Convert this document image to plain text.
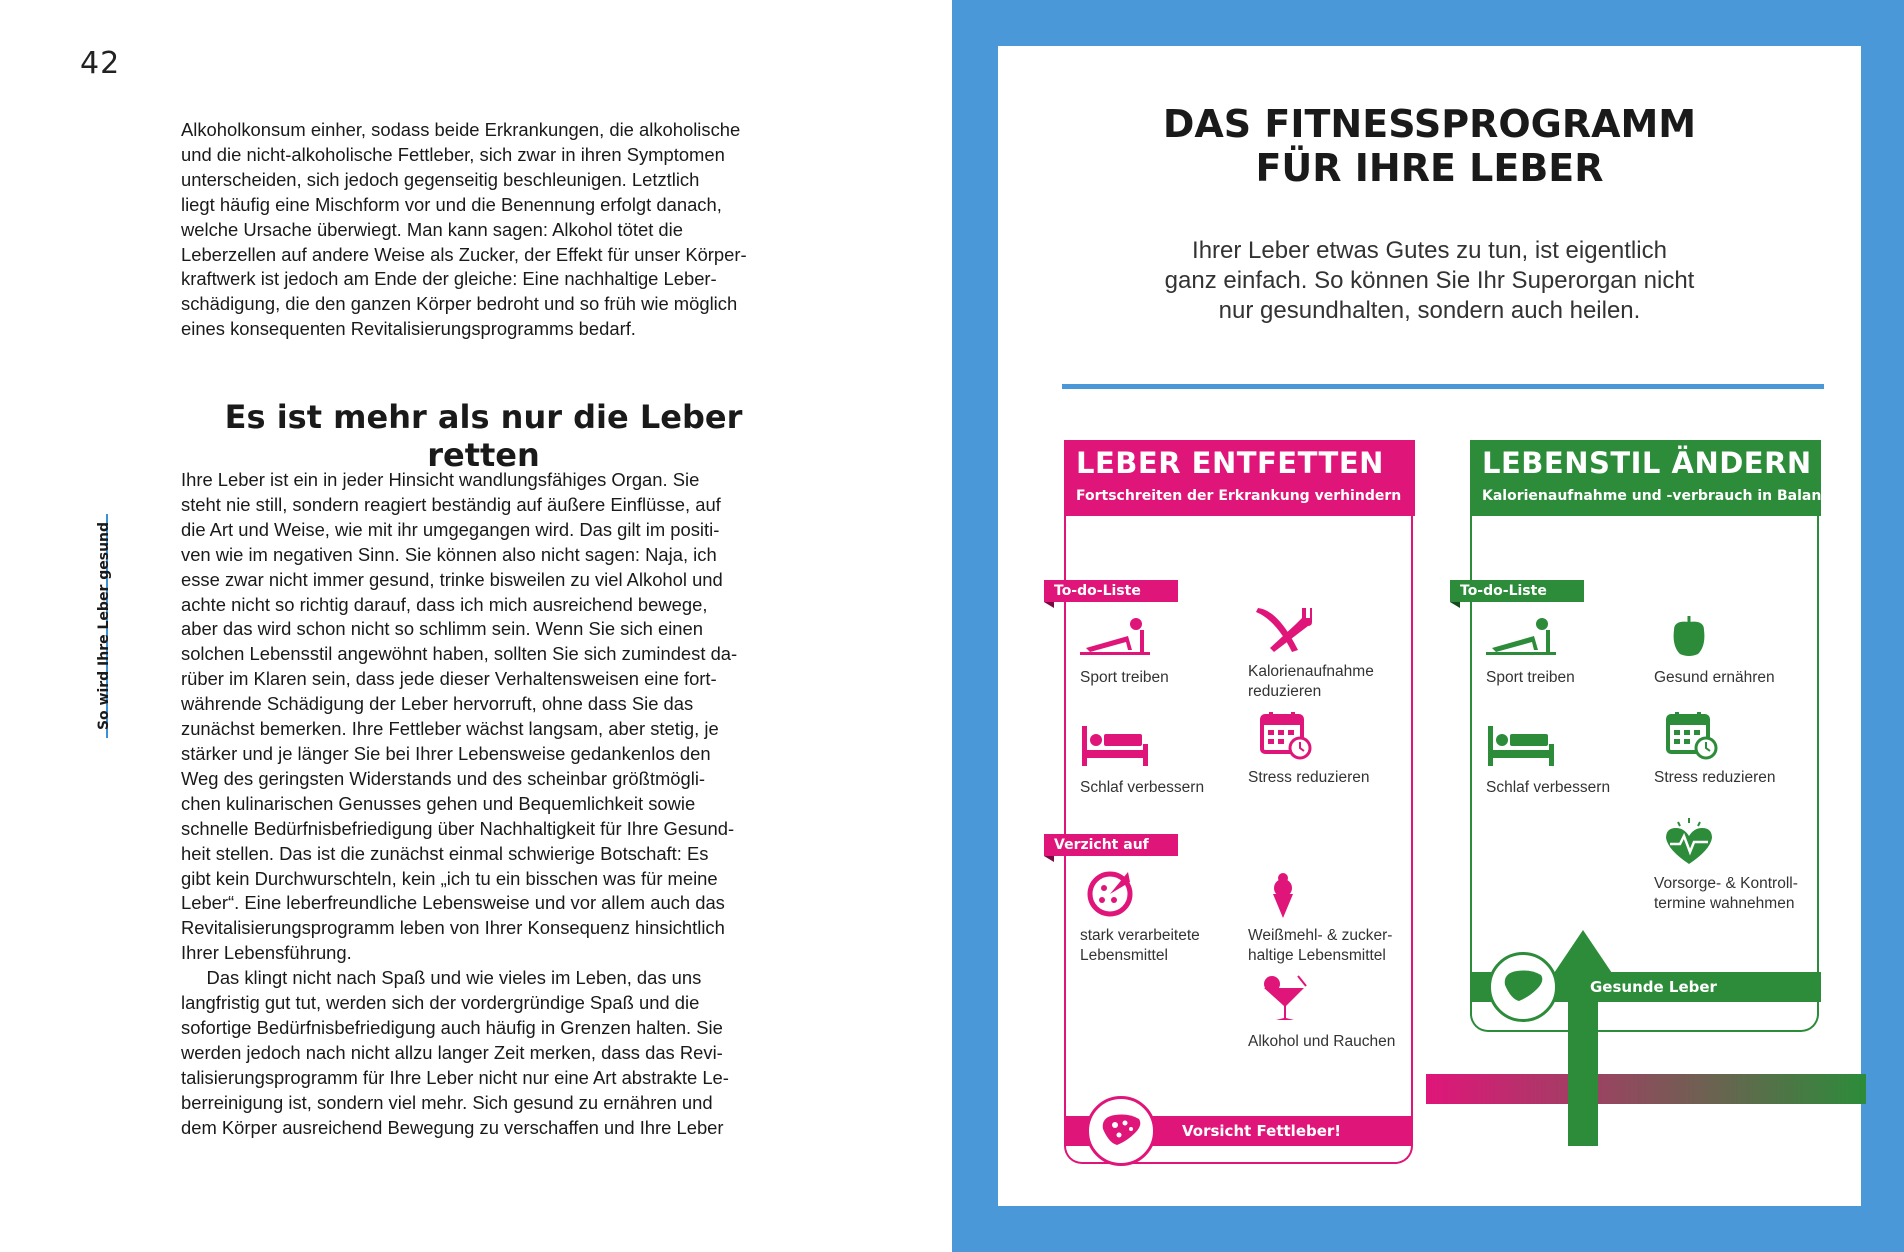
42
So wird Ihre Leber gesund
Alkoholkonsum einher, sodass beide Erkrankungen, die alkoholische
und die nicht-alkoholische Fettleber, sich zwar in ihren Symptomen
unterscheiden, sich jedoch gegenseitig beschleunigen. Letztlich
liegt häufig eine Mischform vor und die Benennung erfolgt danach,
welche Ursache überwiegt. Man kann sagen: Alkohol tötet die
Leberzellen auf andere Weise als Zucker, der Effekt für unser Körper-
kraftwerk ist jedoch am Ende der gleiche: Eine nachhaltige Leber-
schädigung, die den ganzen Körper bedroht und so früh wie möglich
eines konsequenten Revitalisierungsprogramms bedarf.
Es ist mehr als nur die Leber retten
Ihre Leber ist ein in jeder Hinsicht wandlungsfähiges Organ. Sie
steht nie still, sondern reagiert beständig auf äußere Einflüsse, auf
die Art und Weise, wie mit ihr umgegangen wird. Das gilt im positi-
ven wie im negativen Sinn. Sie können also nicht sagen: Naja, ich
esse zwar nicht immer gesund, trinke bisweilen zu viel Alkohol und
achte nicht so richtig darauf, dass ich mich ausreichend bewege,
aber das wird schon nicht so schlimm sein. Wenn Sie sich einen
solchen Lebensstil angewöhnt haben, sollten Sie sich zumindest da-
rüber im Klaren sein, dass jede dieser Verhaltensweisen eine fort-
währende Schädigung der Leber hervorruft, ohne dass Sie das
zunächst bemerken. Ihre Fettleber wächst langsam, aber stetig, je
stärker und je länger Sie bei Ihrer Lebensweise gedankenlos den
Weg des geringsten Widerstands und des scheinbar größtmögli-
chen kulinarischen Genusses gehen und Bequemlichkeit sowie
schnelle Bedürfnisbefriedigung über Nachhaltigkeit für Ihre Gesund-
heit stellen. Das ist die zunächst einmal schwierige Botschaft: Es
gibt kein Durchwurschteln, kein „ich tu ein bisschen was für meine
Leber“. Eine leberfreundliche Lebensweise und vor allem auch das
Revitalisierungsprogramm leben von Ihrer Konsequenz hinsichtlich
Ihrer Lebensführung.
Das klingt nicht nach Spaß und wie vieles im Leben, das uns
langfristig gut tut, werden sich der vordergründige Spaß und die
sofortige Bedürfnisbefriedigung auch häufig in Grenzen halten. Sie
werden jedoch nach nicht allzu langer Zeit merken, dass das Revi-
talisierungsprogramm für Ihre Leber nicht nur eine Art abstrakte Le-
berreinigung ist, sondern viel mehr. Sich gesund zu ernähren und
dem Körper ausreichend Bewegung zu verschaffen und Ihre Leber
DAS FITNESSPROGRAMM
FÜR IHRE LEBER

Ihrer Leber etwas Gutes zu tun, ist eigentlich
ganz einfach. So können Sie Ihr Superorgan nicht
nur gesundhalten, sondern auch heilen.

LEBER ENTFETTEN
Fortschreiten der Erkrankung verhindern
To-do-Liste
Sport treiben	Kalorienaufnahme
reduzieren
Schlaf verbessern
Stress reduzieren
Verzicht auf
stark verarbeitete
Lebensmittel
Weißmehl- & zucker-
haltige Lebensmittel
Alkohol und Rauchen
Vorsicht Fettleber!
LEBENSTIL ÄNDERN
Kalorienaufnahme und -verbrauch in Balance
To-do-Liste
Sport treiben	Gesund ernähren
Schlaf verbessern
Stress reduzieren
Vorsorge- & Kontroll-
termine wahnehmen
Gesunde Leber
